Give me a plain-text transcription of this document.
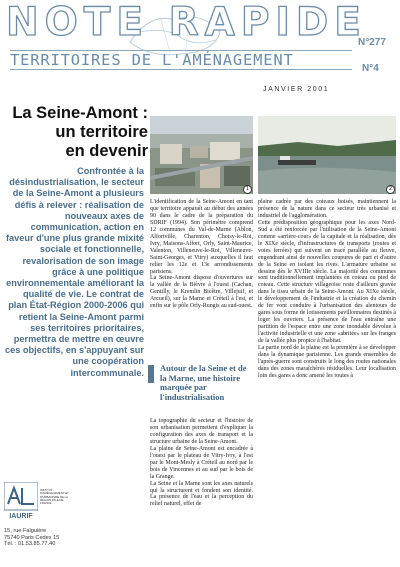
NOTE RAPIDE
TERRITOIRES DE L'AMÉNAGEMENT
N°277
N°4
JANVIER 2001
La Seine-Amont :
un territoire
en devenir
Confrontée à la désindustrialisation, le secteur de la Seine-Amont a plusieurs défis à relever : réalisation de nouveaux axes de communication, action en faveur d'une plus grande mixité sociale et fonctionnelle, revalorisation de son image grâce à une politique environnementale améliorant la qualité de vie. Le contrat de plan État-Région 2000-2006 qui retient la Seine-Amont parmi ses territoires prioritaires, permettra de mettre en œuvre ces objectifs, en s'appuyant sur une coopération intercommunale.
1	2

L'identification de la Seine-Amont en tant que territoire apparaît au début des années 90 dans le cadre de la préparation du SDRIF (1994). Son périmètre comprend 12 communes du Val-de-Marne (Ablon, Alfortville, Charenton, Choisy-le-Roi, Ivry, Maisons-Alfort, Orly, Saint-Maurice, Valenton, Villeneuve-le-Roi, Villeneuve-Saint-Georges, et Vitry) auxquelles il faut relier les 12e et 13e arrondissements parisiens.

La Seine-Amont dispose d'ouvertures sur la vallée de la Bièvre à l'ouest (Cachan, Gentilly, le Kremlin Bicêtre, Villejuif, et Arcueil), sur la Marne et Créteil à l'est, et enfin sur le pôle Orly-Rungis au sud-ouest.

Autour de la Seine et de la Marne, une histoire marquée par l'industrialisation

La topographie du secteur et l'histoire de son urbanisation permettent d'expliquer la configuration des axes de transport et la structure urbaine de la Seine-Amont.

La plaine de Seine-Amont est encadrée à l'ouest par le plateau de Vitry-Ivry, à l'est par le Mont-Mesly à Créteil au nord par le bois de Vincennes et au sud par le bois de la Grange.

La Seine et la Marne sont les axes naturels qui la structurent et fondent son identité. La présence de l'eau et la perception du relief naturel, effet de

plaine cadrée par des coteaux boisés, maintiennent la présence de la nature dans ce secteur très urbanisé et industriel de l'agglomération.

Cette prédisposition géographique pour les axes Nord-Sud a été renforcée par l'utilisation de la Seine-Amont comme «arrière-cour» de la capitale et la réalisation, dès le XIXe siècle, d'infrastructures de transports (routes et voies ferrées) qui suivent un tracé parallèle au fleuve, engendrant ainsi de nouvelles coupures de part et d'autre de la Seine en isolant les rives. L'armature urbaine se dessine dès le XVIIIe siècle. La majorité des communes sont traditionnellement implantées en coteau ou pied de coteau. Cette structure villageoise reste d'ailleurs gravée dans le tissu urbain de la Seine-Amont. Au XIXe siècle, le développement de l'industrie et la création du chemin de fer vont conduire à l'urbanisation des alentours de gares sous forme de lotissements pavillonnaires destinés à loger les ouvriers. La présence de l'eau entraîne une partition de l'espace entre une zone inondable dévolue à l'activité industrielle et une zone «abritée» sur les franges de la vallée plus propice à l'habitat.

La partie nord de la plaine est la première à se développer dans la dynamique parisienne. Les grands ensembles de l'après-guerre sont construits le long des routes nationales dans des zones maraîchères résiduelles. Leur localisation loin des gares a donc amené les routes à

IAURIF
INSTITUT D'AMÉNAGEMENT ET D'URBANISME DE LA RÉGION D'ÎLE-DE-FRANCE
15, rue Falguière
75740 Paris Cedex 15
Tél. : 01.53.85.77.40
